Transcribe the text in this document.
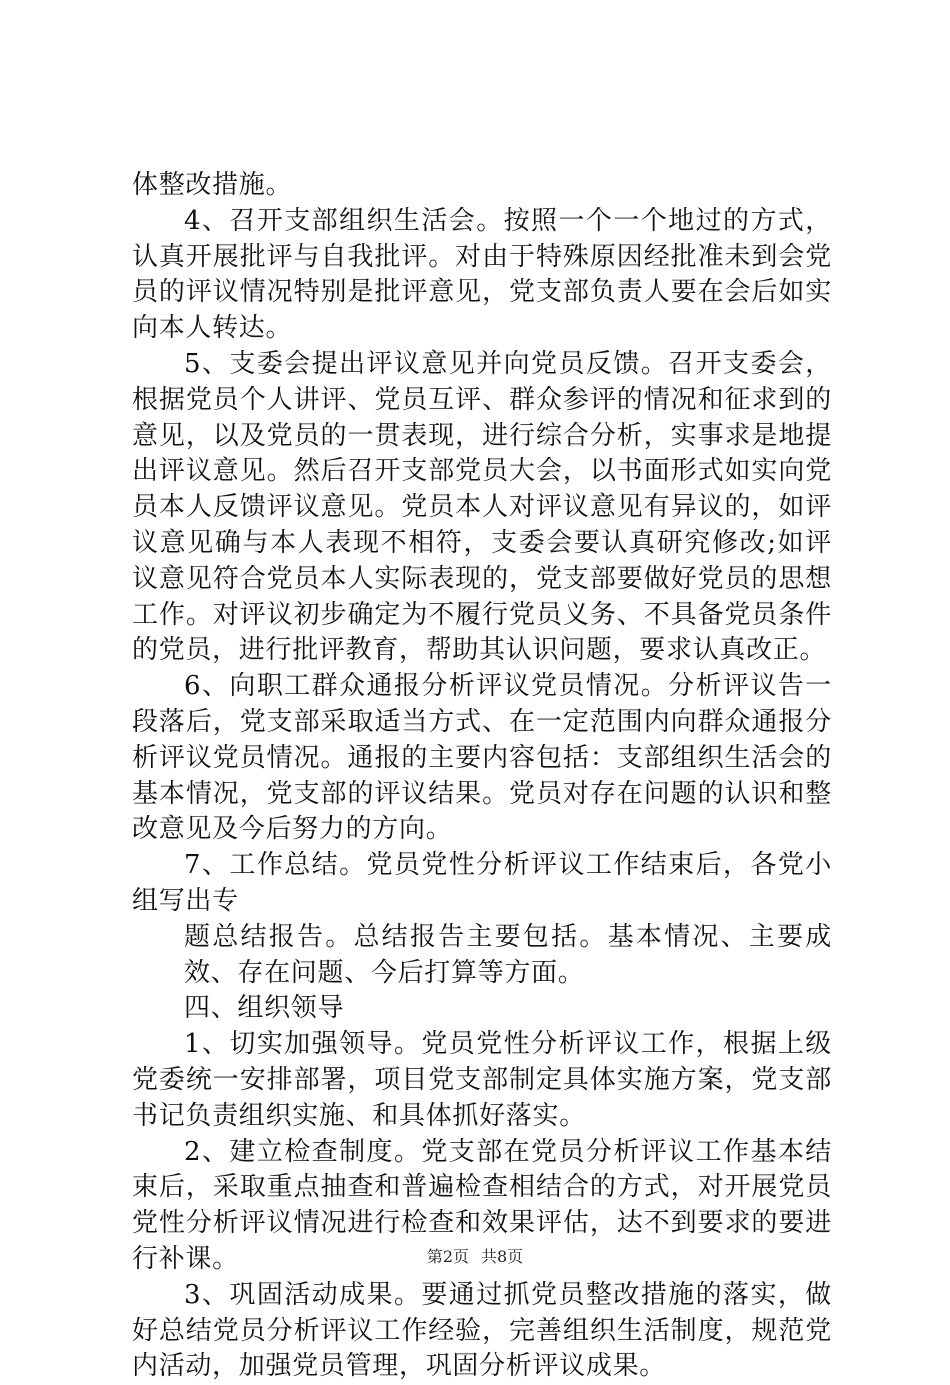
体整改措施。

4、召开支部组织生活会。按照一个一个地过的方式，认真开展批评与自我批评。对由于特殊原因经批准未到会党员的评议情况特别是批评意见，党支部负责人要在会后如实向本人转达。

5、支委会提出评议意见并向党员反馈。召开支委会，根据党员个人讲评、党员互评、群众参评的情况和征求到的意见，以及党员的一贯表现，进行综合分析，实事求是地提出评议意见。然后召开支部党员大会，以书面形式如实向党员本人反馈评议意见。党员本人对评议意见有异议的，如评议意见确与本人表现不相符，支委会要认真研究修改;如评议意见符合党员本人实际表现的，党支部要做好党员的思想工作。对评议初步确定为不履行党员义务、不具备党员条件的党员，进行批评教育，帮助其认识问题，要求认真改正。

6、向职工群众通报分析评议党员情况。分析评议告一段落后，党支部采取适当方式、在一定范围内向群众通报分析评议党员情况。通报的主要内容包括：支部组织生活会的基本情况，党支部的评议结果。党员对存在问题的认识和整改意见及今后努力的方向。

7、工作总结。党员党性分析评议工作结束后，各党小组写出专

题总结报告。总结报告主要包括。基本情况、主要成效、存在问题、今后打算等方面。

四、组织领导

1、切实加强领导。党员党性分析评议工作，根据上级党委统一安排部署，项目党支部制定具体实施方案，党支部书记负责组织实施、和具体抓好落实。

2、建立检查制度。党支部在党员分析评议工作基本结束后，采取重点抽查和普遍检查相结合的方式，对开展党员党性分析评议情况进行检查和效果评估，达不到要求的要进行补课。

3、巩固活动成果。要通过抓党员整改措施的落实，做好总结党员分析评议工作经验，完善组织生活制度，规范党内活动，加强党员管理，巩固分析评议成果。

第2页 共8页
